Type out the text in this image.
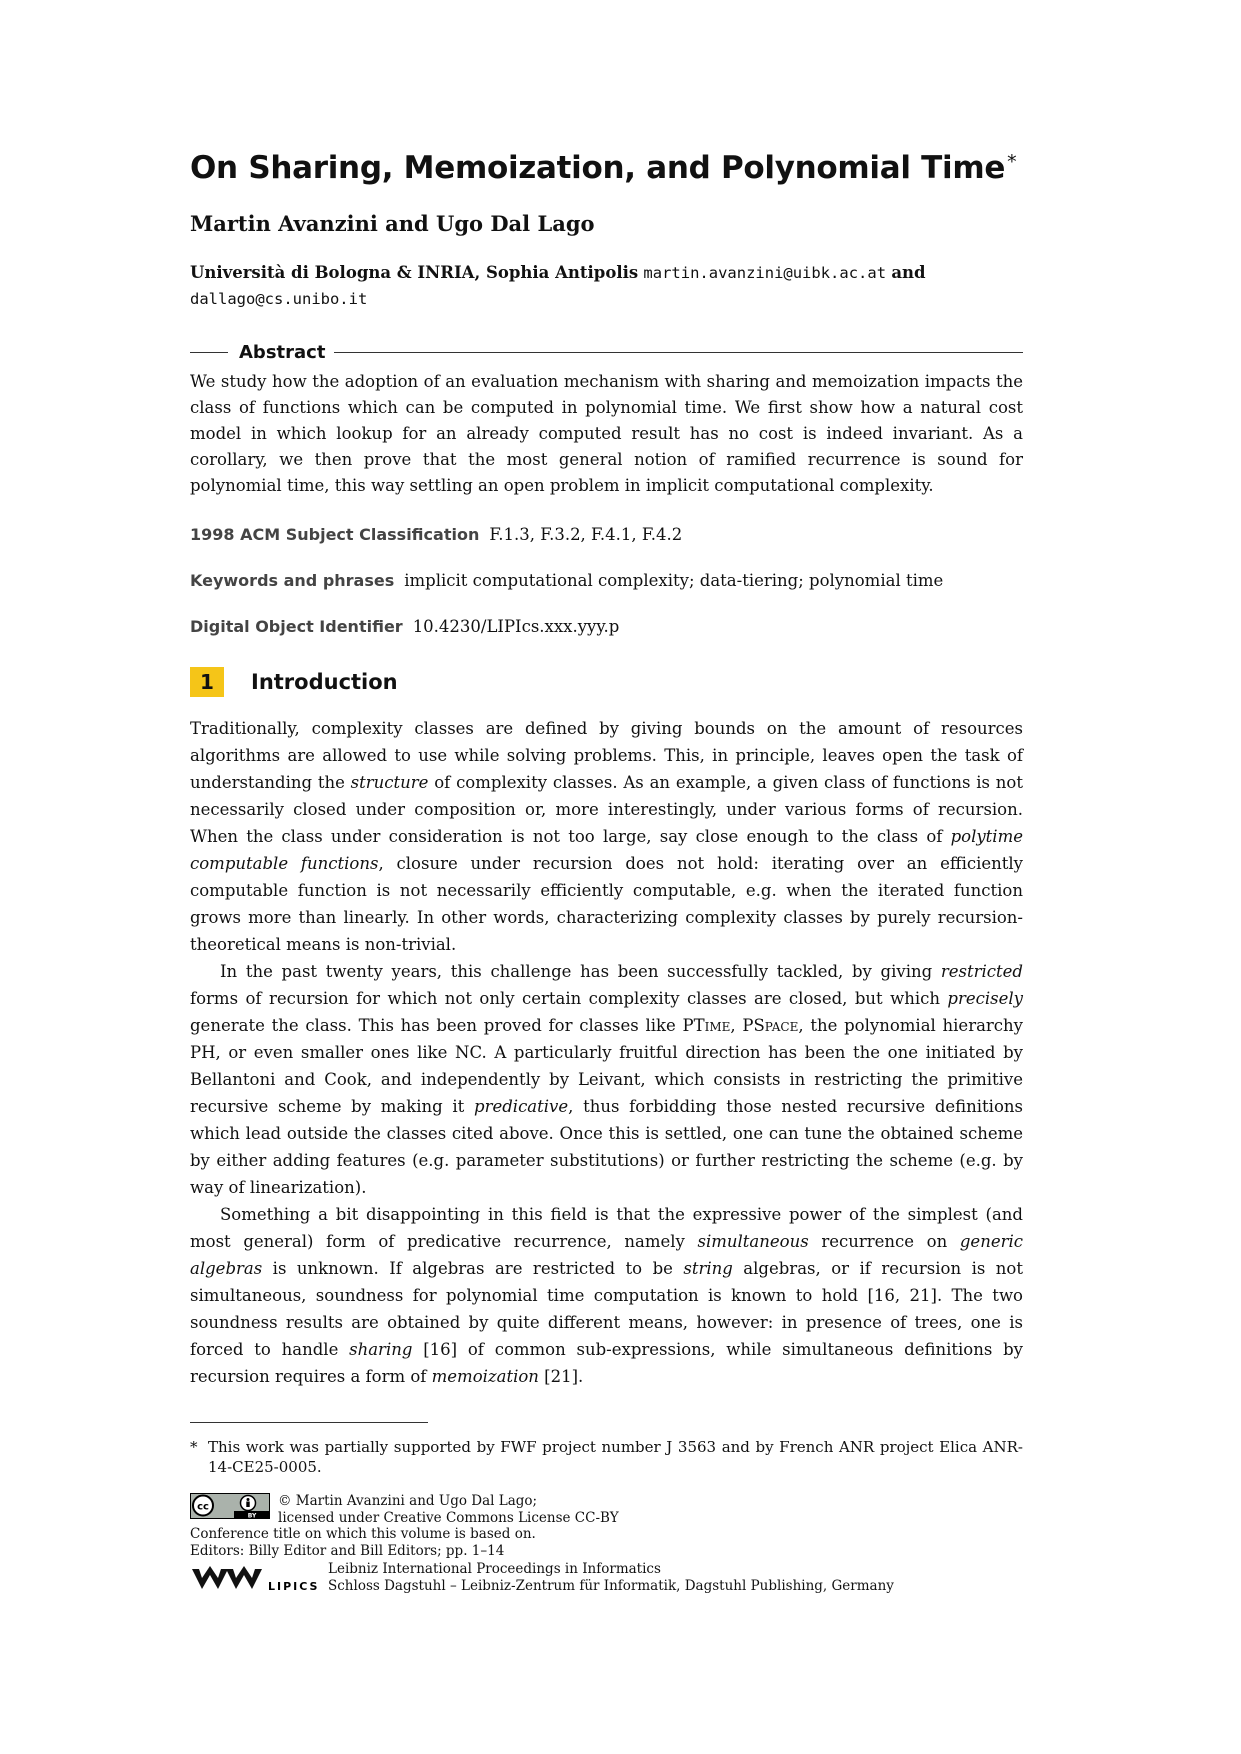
On Sharing, Memoization, and Polynomial Time *
Martin Avanzini and Ugo Dal Lago
Università di Bologna & INRIA, Sophia Antipolis martin.avanzini@uibk.ac.at and dallago@cs.unibo.it
Abstract
We study how the adoption of an evaluation mechanism with sharing and memoization impacts the class of functions which can be computed in polynomial time. We first show how a natural cost model in which lookup for an already computed result has no cost is indeed invariant. As a corollary, we then prove that the most general notion of ramified recurrence is sound for polynomial time, this way settling an open problem in implicit computational complexity.
1998 ACM Subject Classification F.1.3, F.3.2, F.4.1, F.4.2
Keywords and phrases implicit computational complexity; data-tiering; polynomial time
Digital Object Identifier 10.4230/LIPIcs.xxx.yyy.p
1	Introduction

Traditionally, complexity classes are defined by giving bounds on the amount of resources algorithms are allowed to use while solving problems. This, in principle, leaves open the task of understanding the structure of complexity classes. As an example, a given class of functions is not necessarily closed under composition or, more interestingly, under various forms of recursion. When the class under consideration is not too large, say close enough to the class of polytime computable functions, closure under recursion does not hold: iterating over an efficiently computable function is not necessarily efficiently computable, e.g. when the iterated function grows more than linearly. In other words, characterizing complexity classes by purely recursion-theoretical means is non-trivial.

In the past twenty years, this challenge has been successfully tackled, by giving restricted forms of recursion for which not only certain complexity classes are closed, but which precisely generate the class. This has been proved for classes like PTime, PSpace, the polynomial hierarchy PH, or even smaller ones like NC. A particularly fruitful direction has been the one initiated by Bellantoni and Cook, and independently by Leivant, which consists in restricting the primitive recursive scheme by making it predicative, thus forbidding those nested recursive definitions which lead outside the classes cited above. Once this is settled, one can tune the obtained scheme by either adding features (e.g. parameter substitutions) or further restricting the scheme (e.g. by way of linearization).

Something a bit disappointing in this field is that the expressive power of the simplest (and most general) form of predicative recurrence, namely simultaneous recurrence on generic algebras is unknown. If algebras are restricted to be string algebras, or if recursion is not simultaneous, soundness for polynomial time computation is known to hold [16, 21]. The two soundness results are obtained by quite different means, however: in presence of trees, one is forced to handle sharing [16] of common sub-expressions, while simultaneous definitions by recursion requires a form of memoization [21].

* This work was partially supported by FWF project number J 3563 and by French ANR project Elica ANR-14-CE25-0005.
cc
BY
© Martin Avanzini and Ugo Dal Lago;
licensed under Creative Commons License CC-BY
Conference title on which this volume is based on.
Editors: Billy Editor and Bill Editors; pp. 1–14
LIPICS
Leibniz International Proceedings in Informatics
Schloss Dagstuhl – Leibniz-Zentrum für Informatik, Dagstuhl Publishing, Germany
